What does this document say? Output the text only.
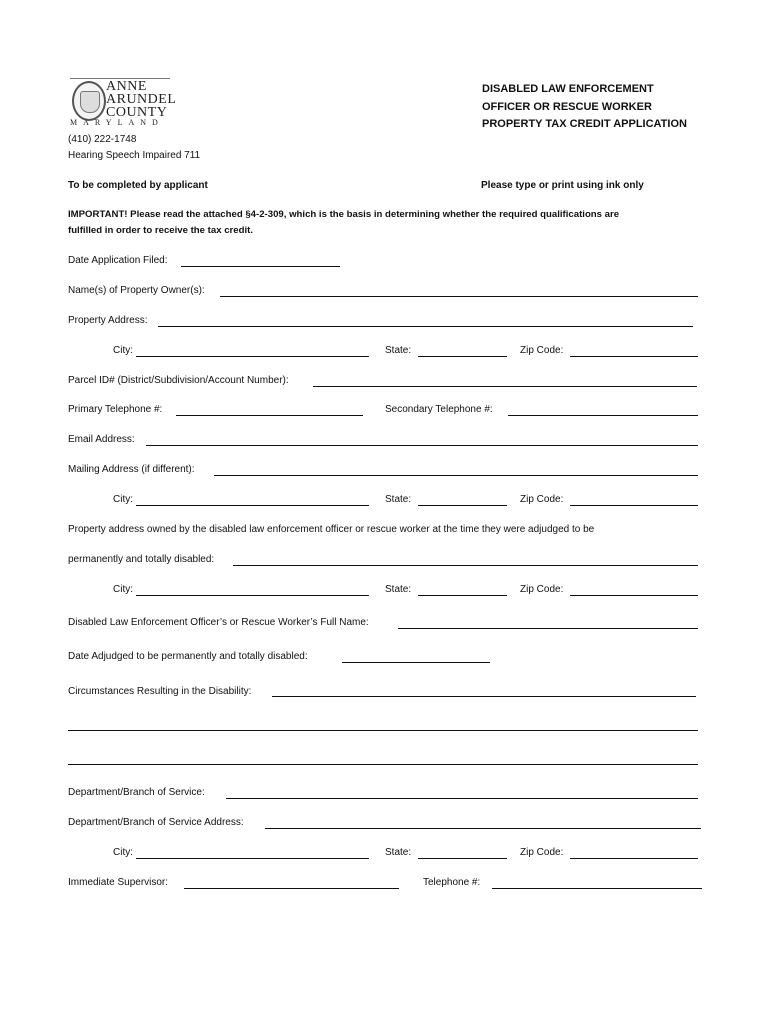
ANNE
ARUNDEL
COUNTY
MARYLAND
(410) 222-1748
Hearing Speech Impaired 711
DISABLED LAW ENFORCEMENT
OFFICER OR RESCUE WORKER
PROPERTY TAX CREDIT APPLICATION
To be completed by applicant	Please type or print using ink only
IMPORTANT! Please read the attached §4-2-309, which is the basis in determining whether the required qualifications are
fulfilled in order to receive the tax credit.
Date Application Filed:
Name(s) of Property Owner(s):
Property Address:
City:	State:	Zip Code:
Parcel ID# (District/Subdivision/Account Number):
Primary Telephone #:	Secondary Telephone #:
Email Address:
Mailing Address (if different):
City:	State:	Zip Code:
Property address owned by the disabled law enforcement officer or rescue worker at the time they were adjudged to be
permanently and totally disabled:
City:	State:	Zip Code:
Disabled Law Enforcement Officer’s or Rescue Worker’s Full Name:
Date Adjudged to be permanently and totally disabled:
Circumstances Resulting in the Disability:
Department/Branch of Service:
Department/Branch of Service Address:
City:	State:	Zip Code:
Immediate Supervisor:	Telephone #:
